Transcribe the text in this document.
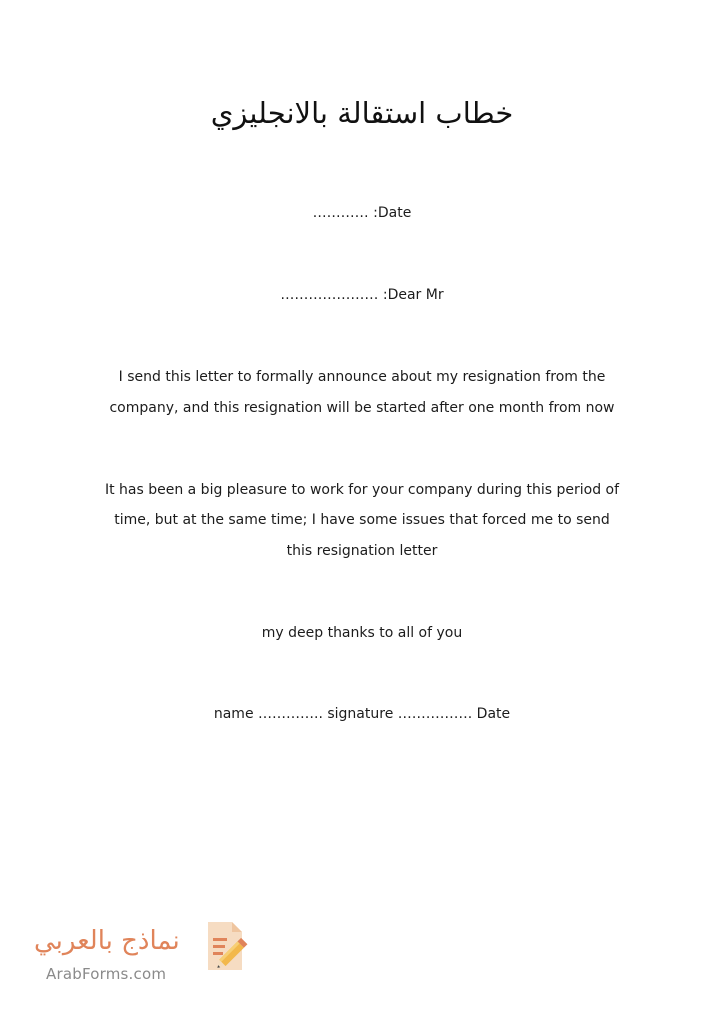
خطاب استقالة بالانجليزي
………… :Date
………………… :Dear Mr
I send this letter to formally announce about my resignation from the
company, and this resignation will be started after one month from now
It has been a big pleasure to work for your company during this period of
time, but at the same time; I have some issues that forced me to send
this resignation letter
my deep thanks to all of you
name ………….. signature ……………. Date
نماذج بالعربي
ArabForms.com
